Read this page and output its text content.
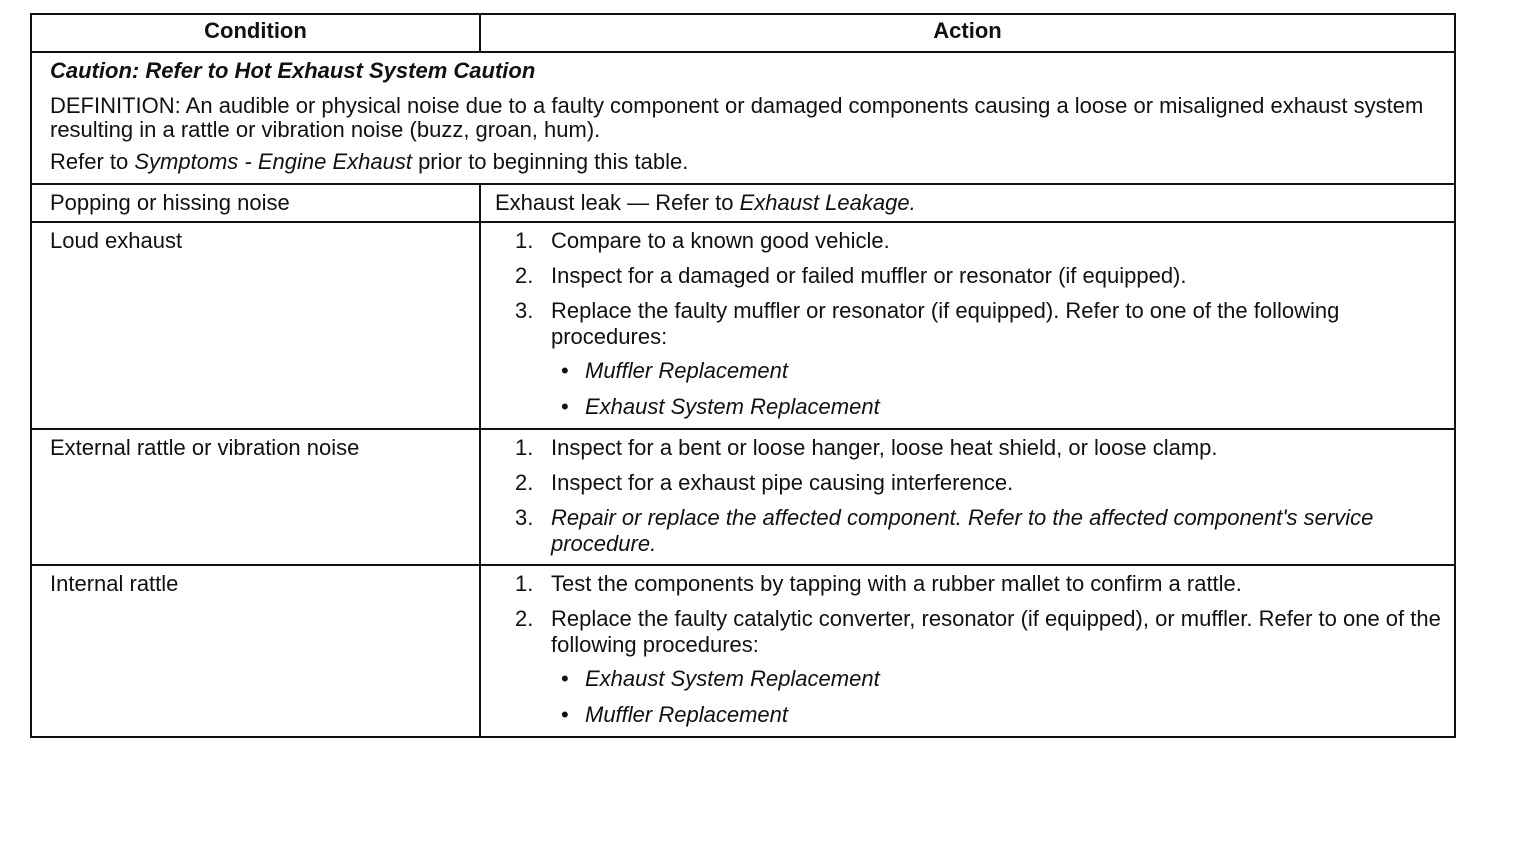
Condition	Action
Caution: Refer to Hot Exhaust System Caution
DEFINITION: An audible or physical noise due to a faulty component or damaged components causing a loose or misaligned exhaust system resulting in a rattle or vibration noise (buzz, groan, hum).
Refer to Symptoms - Engine Exhaust prior to beginning this table.
Popping or hissing noise	Exhaust leak — Refer to Exhaust Leakage.
Loud exhaust	1. Compare to a known good vehicle.
2. Inspect for a damaged or failed muffler or resonator (if equipped).
3. Replace the faulty muffler or resonator (if equipped). Refer to one of the following procedures:
• Muffler Replacement
• Exhaust System Replacement
External rattle or vibration noise	1. Inspect for a bent or loose hanger, loose heat shield, or loose clamp.
2. Inspect for a exhaust pipe causing interference.
3. Repair or replace the affected component. Refer to the affected component's service procedure.
Internal rattle	1. Test the components by tapping with a rubber mallet to confirm a rattle.
2. Replace the faulty catalytic converter, resonator (if equipped), or muffler. Refer to one of the following procedures:
• Exhaust System Replacement
• Muffler Replacement
